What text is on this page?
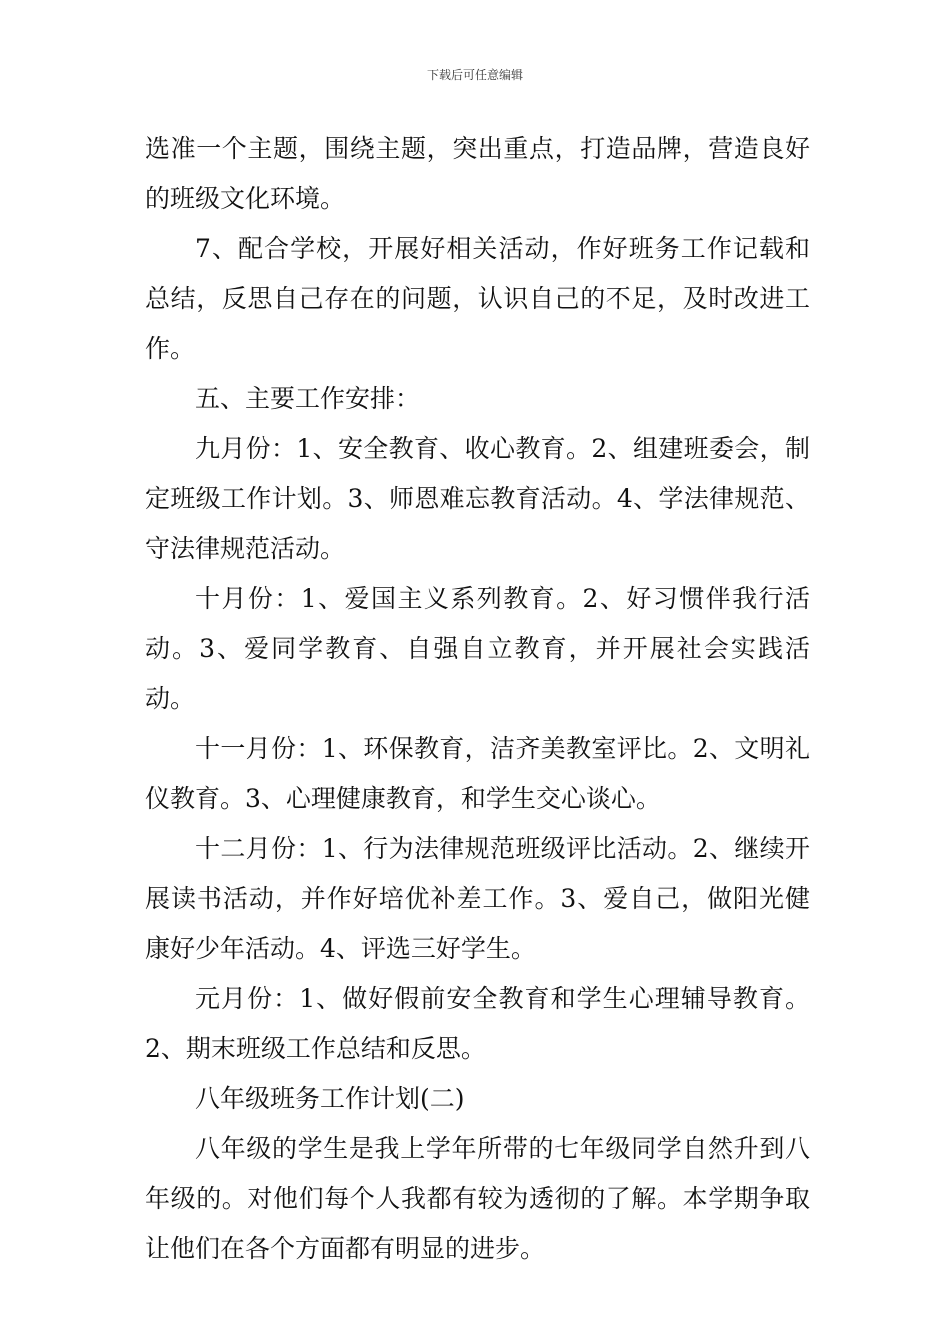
下载后可任意编辑

选准一个主题，围绕主题，突出重点，打造品牌，营造良好的班级文化环境。

7、配合学校，开展好相关活动，作好班务工作记载和总结，反思自己存在的问题，认识自己的不足，及时改进工作。

五、主要工作安排：

九月份：1、安全教育、收心教育。2、组建班委会，制定班级工作计划。3、师恩难忘教育活动。4、学法律规范、守法律规范活动。

十月份：1、爱国主义系列教育。2、好习惯伴我行活动。3、爱同学教育、自强自立教育，并开展社会实践活动。

十一月份：1、环保教育，洁齐美教室评比。2、文明礼仪教育。3、心理健康教育，和学生交心谈心。

十二月份：1、行为法律规范班级评比活动。2、继续开展读书活动，并作好培优补差工作。3、爱自己，做阳光健康好少年活动。4、评选三好学生。

元月份：1、做好假前安全教育和学生心理辅导教育。2、期末班级工作总结和反思。

八年级班务工作计划(二)

八年级的学生是我上学年所带的七年级同学自然升到八年级的。对他们每个人我都有较为透彻的了解。本学期争取让他们在各个方面都有明显的进步。
